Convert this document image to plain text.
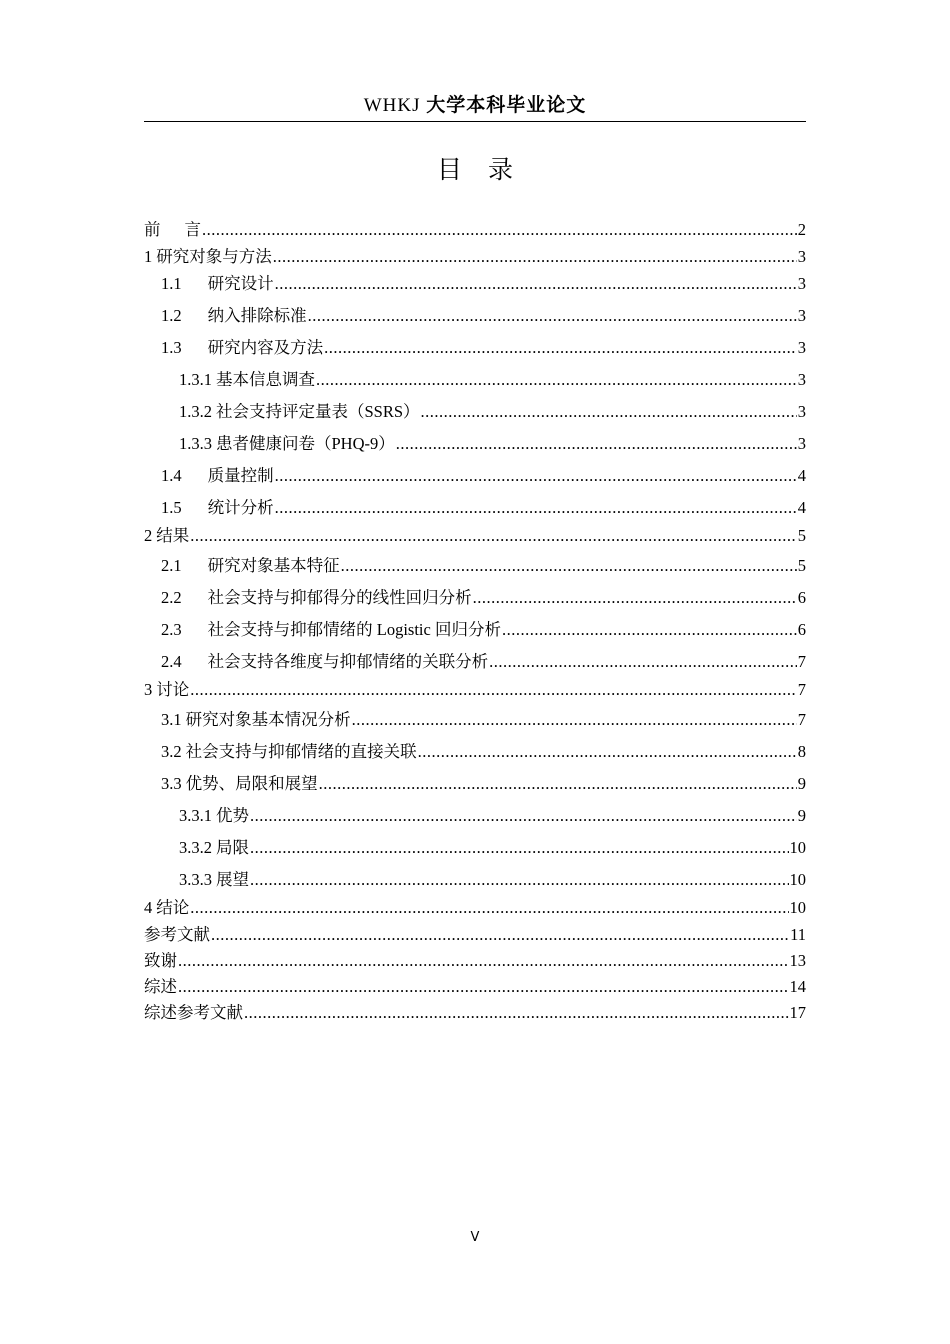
WHKJ 大学本科毕业论文
目录
前 言 .....	2
1 研究对象与方法 .....	3
1.1 研究设计 .....	3
1.2 纳入排除标准 .....	3
1.3 研究内容及方法 .....	3
1.3.1 基本信息调查 .....	3
1.3.2 社会支持评定量表（SSRS） .....	3
1.3.3 患者健康问卷（PHQ-9） .....	3
1.4 质量控制 .....	4
1.5 统计分析 .....	4
2 结果 .....	5
2.1 研究对象基本特征 .....	5
2.2 社会支持与抑郁得分的线性回归分析 .....	6
2.3 社会支持与抑郁情绪的 Logistic 回归分析 .....	6
2.4 社会支持各维度与抑郁情绪的关联分析 .....	7
3 讨论 .....	7
3.1 研究对象基本情况分析 .....	7
3.2 社会支持与抑郁情绪的直接关联 .....	8
3.3 优势、局限和展望 .....	9
3.3.1 优势 .....	9
3.3.2 局限 .....	10
3.3.3 展望 .....	10
4 结论 .....	10
参考文献 .....	11
致谢 .....	13
综述 .....	14
综述参考文献 .....	17
V
